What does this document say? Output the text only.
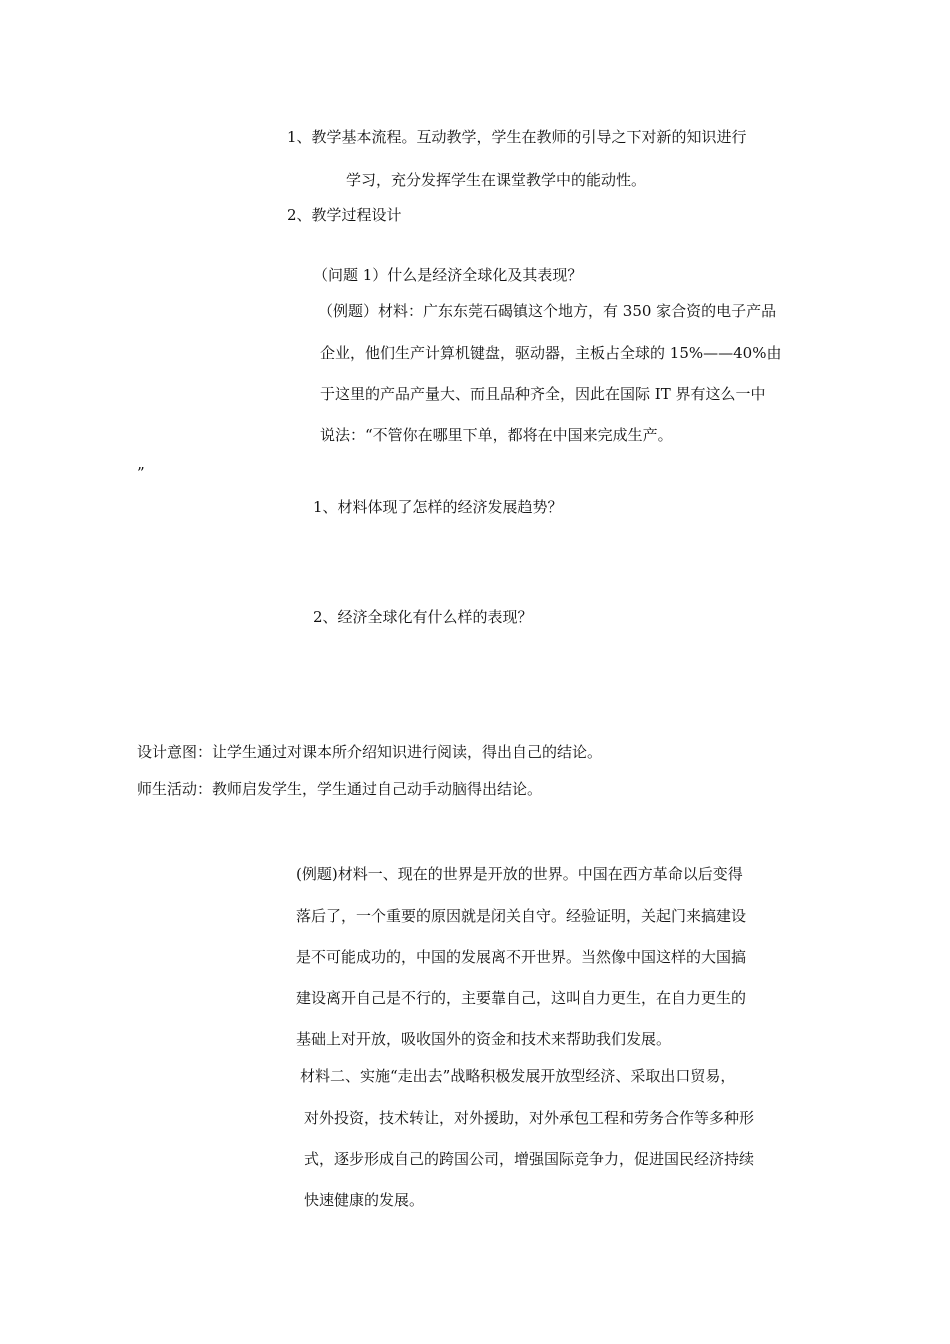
1、教学基本流程。互动教学，学生在教师的引导之下对新的知识进行
学习，充分发挥学生在课堂教学中的能动性。
2、教学过程设计
（问题 1）什么是经济全球化及其表现？
（例题）材料：广东东莞石碣镇这个地方，有 350 家合资的电子产品
企业，他们生产计算机键盘，驱动器，主板占全球的 15%——40%由
于这里的产品产量大、而且品种齐全，因此在国际 IT 界有这么一中
说法：“不管你在哪里下单，都将在中国来完成生产。
”
1、材料体现了怎样的经济发展趋势？
2、经济全球化有什么样的表现？
设计意图：让学生通过对课本所介绍知识进行阅读，得出自己的结论。
师生活动：教师启发学生，学生通过自己动手动脑得出结论。
(例题)材料一、现在的世界是开放的世界。中国在西方革命以后变得
落后了，一个重要的原因就是闭关自守。经验证明，关起门来搞建设
是不可能成功的，中国的发展离不开世界。当然像中国这样的大国搞
建设离开自己是不行的，主要靠自己，这叫自力更生，在自力更生的
基础上对开放，吸收国外的资金和技术来帮助我们发展。
材料二、实施“走出去”战略积极发展开放型经济、采取出口贸易，
对外投资，技术转让，对外援助，对外承包工程和劳务合作等多种形
式，逐步形成自己的跨国公司，增强国际竞争力，促进国民经济持续
快速健康的发展。
